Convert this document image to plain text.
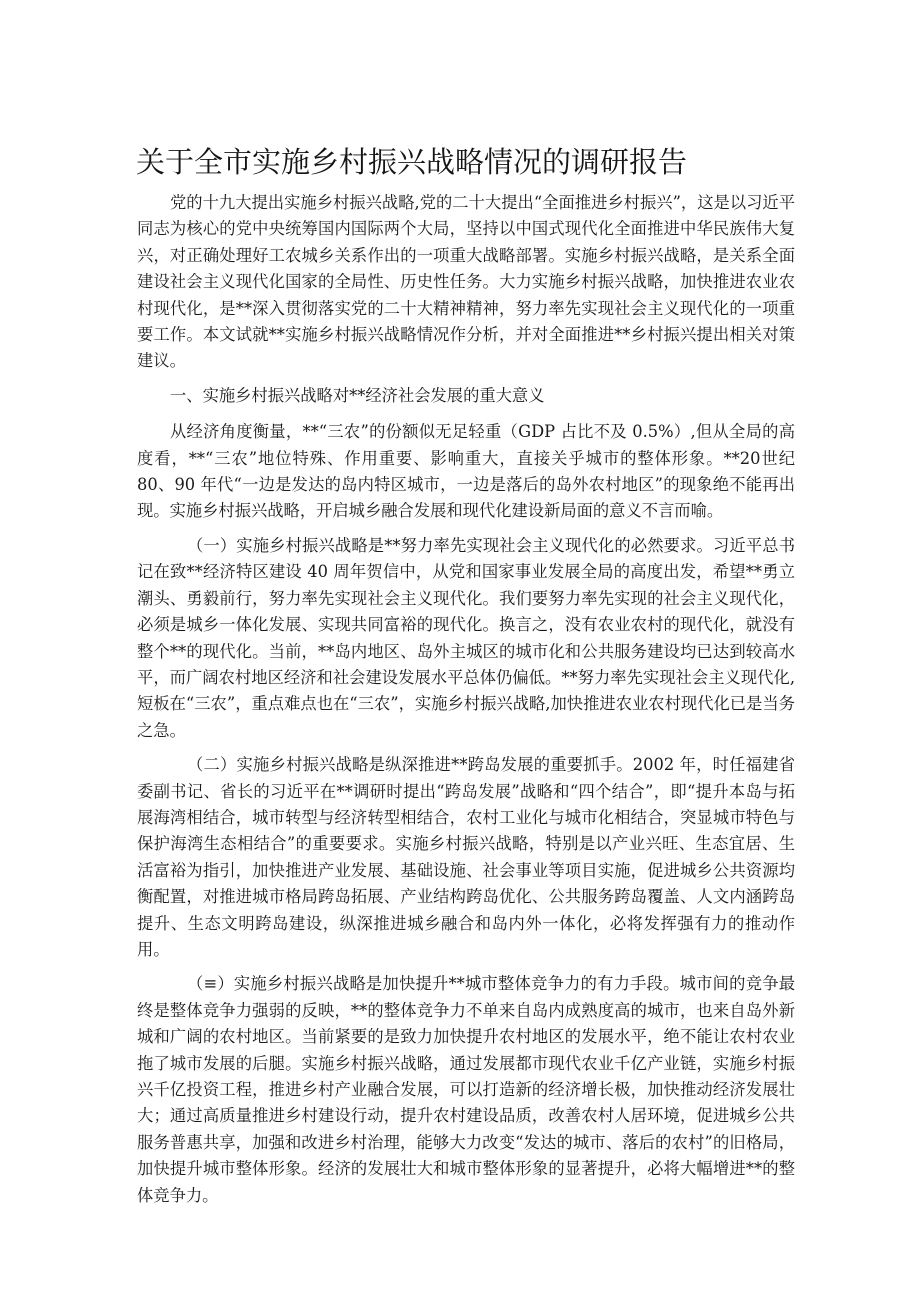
关于全市实施乡村振兴战略情况的调研报告

党的十九大提出实施乡村振兴战略,党的二十大提出“全面推进乡村振兴”，这是以习近平同志为核心的党中央统筹国内国际两个大局，坚持以中国式现代化全面推进中华民族伟大复兴，对正确处理好工农城乡关系作出的一项重大战略部署。实施乡村振兴战略，是关系全面建设社会主义现代化国家的全局性、历史性任务。大力实施乡村振兴战略，加快推进农业农村现代化，是**深入贯彻落实党的二十大精神精神，努力率先实现社会主义现代化的一项重要工作。本文试就**实施乡村振兴战略情况作分析，并对全面推进**乡村振兴提出相关对策建议。

一、实施乡村振兴战略对**经济社会发展的重大意义

从经济角度衡量，**“三农”的份额似无足轻重（GDP 占比不及 0.5%）,但从全局的高度看，**“三农”地位特殊、作用重要、影响重大，直接关乎城市的整体形象。**20世纪 80、90 年代“一边是发达的岛内特区城市，一边是落后的岛外农村地区”的现象绝不能再出现。实施乡村振兴战略，开启城乡融合发展和现代化建设新局面的意义不言而喻。

（一）实施乡村振兴战略是**努力率先实现社会主义现代化的必然要求。习近平总书记在致**经济特区建设 40 周年贺信中，从党和国家事业发展全局的高度出发，希望**勇立潮头、勇毅前行，努力率先实现社会主义现代化。我们要努力率先实现的社会主义现代化，必须是城乡一体化发展、实现共同富裕的现代化。换言之，没有农业农村的现代化，就没有整个**的现代化。当前，**岛内地区、岛外主城区的城市化和公共服务建设均已达到较高水平，而广阔农村地区经济和社会建设发展水平总体仍偏低。**努力率先实现社会主义现代化,短板在“三农”，重点难点也在“三农”，实施乡村振兴战略,加快推进农业农村现代化已是当务之急。

（二）实施乡村振兴战略是纵深推进**跨岛发展的重要抓手。2002 年，时任福建省委副书记、省长的习近平在**调研时提出“跨岛发展”战略和“四个结合”，即“提升本岛与拓展海湾相结合，城市转型与经济转型相结合，农村工业化与城市化相结合，突显城市特色与保护海湾生态相结合”的重要要求。实施乡村振兴战略，特别是以产业兴旺、生态宜居、生活富裕为指引，加快推进产业发展、基础设施、社会事业等项目实施，促进城乡公共资源均衡配置，对推进城市格局跨岛拓展、产业结构跨岛优化、公共服务跨岛覆盖、人文内涵跨岛提升、生态文明跨岛建设，纵深推进城乡融合和岛内外一体化，必将发挥强有力的推动作用。

（≡）实施乡村振兴战略是加快提升**城市整体竞争力的有力手段。城市间的竞争最终是整体竞争力强弱的反映，**的整体竞争力不单来自岛内成熟度高的城市，也来自岛外新城和广阔的农村地区。当前紧要的是致力加快提升农村地区的发展水平，绝不能让农村农业拖了城市发展的后腿。实施乡村振兴战略，通过发展都市现代农业千亿产业链，实施乡村振兴千亿投资工程，推进乡村产业融合发展，可以打造新的经济增长极，加快推动经济发展壮大；通过高质量推进乡村建设行动，提升农村建设品质，改善农村人居环境，促进城乡公共服务普惠共享，加强和改进乡村治理，能够大力改变“发达的城市、落后的农村”的旧格局，加快提升城市整体形象。经济的发展壮大和城市整体形象的显著提升，必将大幅增进**的整体竞争力。
